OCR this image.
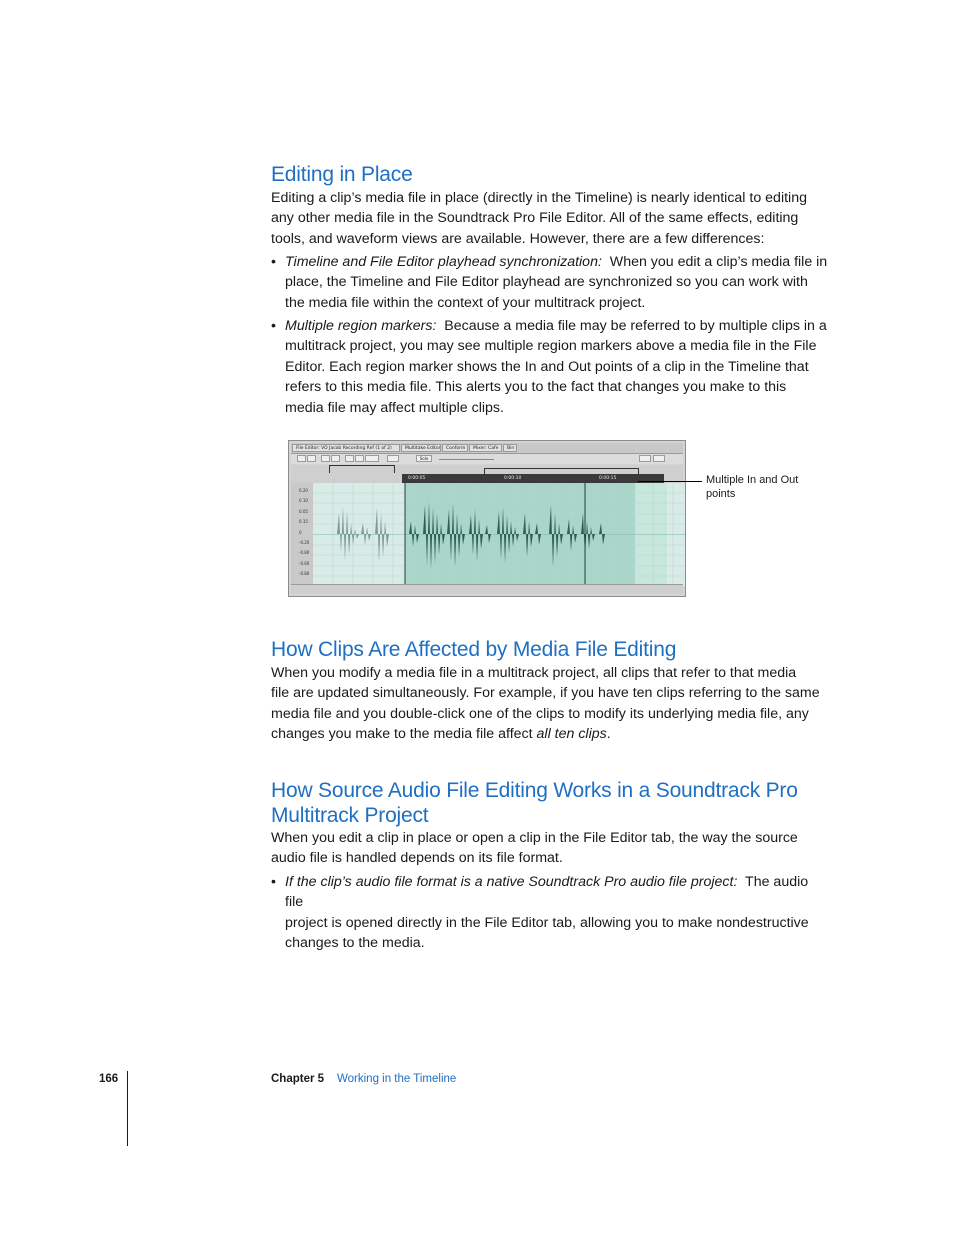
Editing in Place
Editing a clip’s media file in place (directly in the Timeline) is nearly identical to editing
any other media file in the Soundtrack Pro File Editor. All of the same effects, editing
tools, and waveform views are available. However, there are a few differences:
• Timeline and File Editor playhead synchronization: When you edit a clip’s media file in
place, the Timeline and File Editor playhead are synchronized so you can work with
the media file within the context of your multitrack project.
• Multiple region markers: Because a media file may be referred to by multiple clips in a
multitrack project, you may see multiple region markers above a media file in the File
Editor. Each region marker shows the In and Out points of a clip in the Timeline that
refers to this media file. This alerts you to the fact that changes you make to this
media file may affect multiple clips.
File Editor: VO Jacob Recording Ref (1 of 2)	Multitake Editor	Conform	Mixer: Cafe	Bin
Solo
0:00:05	0:00:10	0:00:15
0.20
0.10
0.05
0.15
0
-0.20
-0.80
-0.60
-0.80
Multiple In and Out
points
How Clips Are Affected by Media File Editing
When you modify a media file in a multitrack project, all clips that refer to that media
file are updated simultaneously. For example, if you have ten clips referring to the same
media file and you double-click one of the clips to modify its underlying media file, any
changes you make to the media file affect all ten clips.
How Source Audio File Editing Works in a Soundtrack Pro
Multitrack Project
When you edit a clip in place or open a clip in the File Editor tab, the way the source
audio file is handled depends on its file format.
• If the clip’s audio file format is a native Soundtrack Pro audio file project: The audio file
project is opened directly in the File Editor tab, allowing you to make nondestructive
changes to the media.
166	Chapter 5 Working in the Timeline
